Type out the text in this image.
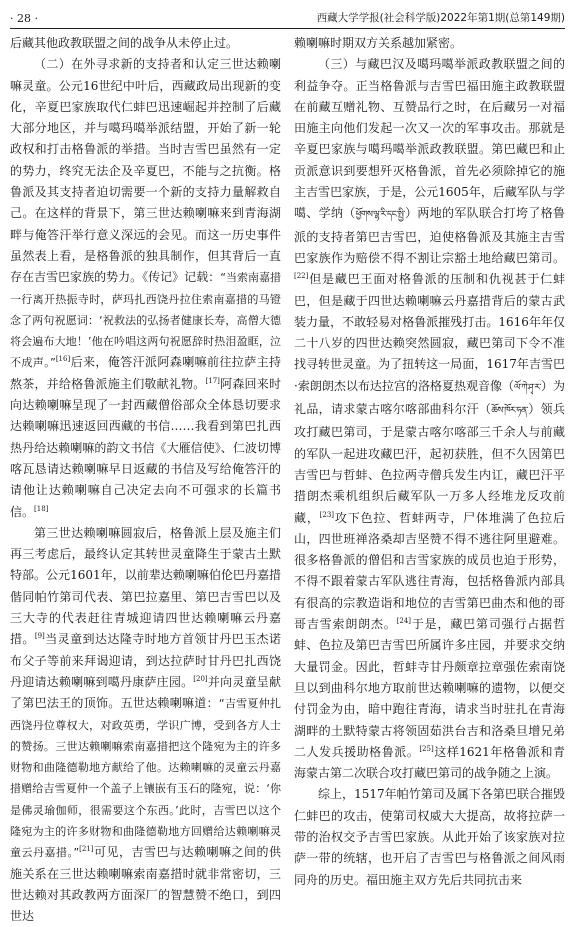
· 28 ·	西藏大学学报(社会科学版)2022年第1期(总第149期)

后藏其他政教联盟之间的战争从未停止过。

（二）在外寻求新的支持者和认定三世达赖喇嘛灵童。公元16世纪中叶后，西藏政局出现新的变化，辛夏巴家族取代仁蚌巴迅速崛起并控制了后藏大部分地区，并与噶玛噶举派结盟，开始了新一轮政权和打击格鲁派的举措。当时吉雪巴虽然有一定的势力，终究无法企及辛夏巴，不能与之抗衡。格鲁派及其支持者迫切需要一个新的支持力量解救自己。在这样的背景下，第三世达赖喇嘛来到青海湖畔与俺答汗举行意义深远的会见。而这一历史事件虽然表上看，是格鲁派的独具制作，但其背后一直存在吉雪巴家族的势力。《传记》记载：“当索南嘉措一行离开热振寺时，萨玛扎西饶丹拉住索南嘉措的马镫念了两句祝愿词：‘祝救法的弘扬者健康长寿，高僧大德将会遍布大地！’他在吟唱这两句祝愿辞时热泪盈眶，泣不成声。”[16]后来，俺答汗派阿森喇嘛前往拉萨主持熬茶，并给格鲁派施主们敬献礼物。[17]阿森回来时向达赖喇嘛呈现了一封西藏僧俗部众全体恳切要求达赖喇嘛迅速返回西藏的书信……我看到第巴扎西热丹给达赖喇嘛的韵文书信《大雁信使》、仁波切博喀瓦恳请达赖喇嘛早日返藏的书信及写给俺答汗的请他让达赖喇嘛自己决定去向不可强求的长篇书信。[18]

第三世达赖喇嘛圆寂后，格鲁派上层及施主们再三考虑后，最终认定其转世灵童降生于蒙古土默特部。公元1601年，以前辈达赖喇嘛伯伦巴丹嘉措偕同帕竹第司代表、第巴拉嘉里、第巴吉雪巴以及三大寺的代表赶往青城迎请四世达赖喇嘛云丹嘉措。[9]当灵童到达达隆寺时地方首领甘丹巴玉杰诺布父子等前来拜谒迎请，到达拉萨时甘丹巴扎西饶丹迎请达赖喇嘛到噶丹康萨庄园。[20]并向灵童呈献了第巴法王的顶饰。五世达赖喇嘛道：“吉雪夏仲扎西饶丹位尊权大，对政英勇，学识广博，受到各方人士的赞扬。三世达赖喇嘛索南嘉措把这个隆宛为主的许多财物和曲隆德勒地方献给了他。达赖喇嘛的灵童云丹嘉措赠给吉雪夏仲一个盖子上镶嵌有玉石的隆宛，说：‘你是佛灵瑜伽师，很需要这个东西。’此时，吉雪巴以这个隆宛为主的许多财物和曲隆德勒地方回赠给达赖喇嘛灵童云丹嘉措。”[21]可见，吉雪巴与达赖喇嘛之间的供施关系在三世达赖喇嘛索南嘉措时就非常密切，三世达赖对其政教两方面深厂的智慧赞不绝口，到四世达

赖喇嘛时期双方关系越加紧密。

（三）与藏巴汉及噶玛噶举派政教联盟之间的利益争夺。正当格鲁派与吉雪巴福田施主政教联盟在前藏互赠礼物、互赞品行之时，在后藏另一对福田施主向他们发起一次又一次的军事攻击。那就是辛夏巴家族与噶玛噶举派政教联盟。第巴藏巴和止贡派意识到要想歼灭格鲁派，首先必须除掉它的施主吉雪巴家族，于是，公元1605年，后藏军队与学噶、学纳（ཕྱོགས་ལྷ་རི་དང་སྤྱི་）两地的军队联合打垮了格鲁派的支持者第巴吉雪巴，迫使格鲁派及其施主吉雪巴家族作为赔偿不得不割让宗豁土地给藏巴第司。[22]但是藏巴王面对格鲁派的压制和仇视甚于仁蚌巴，但是藏于四世达赖喇嘛云丹嘉措背后的蒙古武装力量，不敢轻易对格鲁派摧残打击。1616年年仅二十八岁的四世达赖突然圆寂，藏巴第司下令不准找寻转世灵童。为了扭转这一局面，1617年吉雪巴·索朗朗杰以布达拉宫的洛格夏热观音像（ལོ་ཀེ་ཤྭ་ར་）为礼品，请求蒙古喀尔喀部曲科尔汗（ཆོས་ཁོར་ཧན་）领兵攻打藏巴第司，于是蒙古喀尔喀部三千余人与前藏的军队一起进攻藏巴汗，起初获胜，但不久因第巴吉雪巴与哲蚌、色拉两寺僧兵发生内讧，藏巴汗平措朗杰乘机组织后藏军队一万多人经堆龙反攻前藏，[23]攻下色拉、哲蚌两寺，尸体堆满了色拉后山，四世班禅洛桑却吉坚赞不得不逃往阿里避难。很多格鲁派的僧侣和吉雪家族的成员也迫于形势，不得不跟着蒙古军队逃往青海，包括格鲁派内部具有很高的宗教造诣和地位的吉雪第巴曲杰和他的哥哥吉雪索朗朗杰。[24]于是，藏巴第司强行占据哲蚌、色拉及第巴吉雪巴所属许多庄园，并要求交纳大量罚金。因此，哲蚌寺甘丹颇章拉章强佐索南饶旦以到曲科尔地方取前世达赖喇嘛的遗物，以便交付罚金为由，暗中跑往青海，请求当时驻扎在青海湖畔的土默特蒙古将领固茹洪台吉和洛桑旦增兄弟二人发兵援助格鲁派。[25]这样1621年格鲁派和青海蒙古第二次联合攻打藏巴第司的战争随之上演。

综上，1517年帕竹第司及属下各第巴联合摧毁仁蚌巴的攻击，使第司权威大大提高，故将拉萨一带的治权交予吉雪巴家族。从此开始了该家族对拉萨一带的统辖，也开启了吉雪巴与格鲁派之间风雨同舟的历史。福田施主双方先后共同抗击来
